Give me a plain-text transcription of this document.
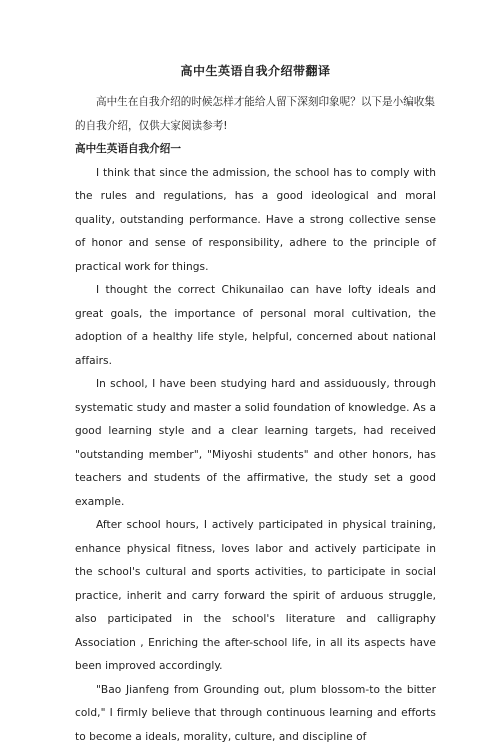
高中生英语自我介绍带翻译

高中生在自我介绍的时候怎样才能给人留下深刻印象呢？以下是小编收集的自我介绍，仅供大家阅读参考!

高中生英语自我介绍一

I think that since the admission, the school has to comply with the rules and regulations, has a good ideological and moral quality, outstanding performance. Have a strong collective sense of honor and sense of responsibility, adhere to the principle of practical work for things.

I thought the correct Chikunailao can have lofty ideals and great goals, the importance of personal moral cultivation, the adoption of a healthy life style, helpful, concerned about national affairs.

In school, I have been studying hard and assiduously, through systematic study and master a solid foundation of knowledge. As a good learning style and a clear learning targets, had received "outstanding member", "Miyoshi students" and other honors, has teachers and students of the affirmative, the study set a good example.

After school hours, I actively participated in physical training, enhance physical fitness, loves labor and actively participate in the school's cultural and sports activities, to participate in social practice, inherit and carry forward the spirit of arduous struggle, also participated in the school's literature and calligraphy Association , Enriching the after-school life, in all its aspects have been improved accordingly.

"Bao Jianfeng from Grounding out, plum blossom-to the bitter cold," I firmly believe that through continuous learning and efforts to become a ideals, morality, culture, and discipline of
